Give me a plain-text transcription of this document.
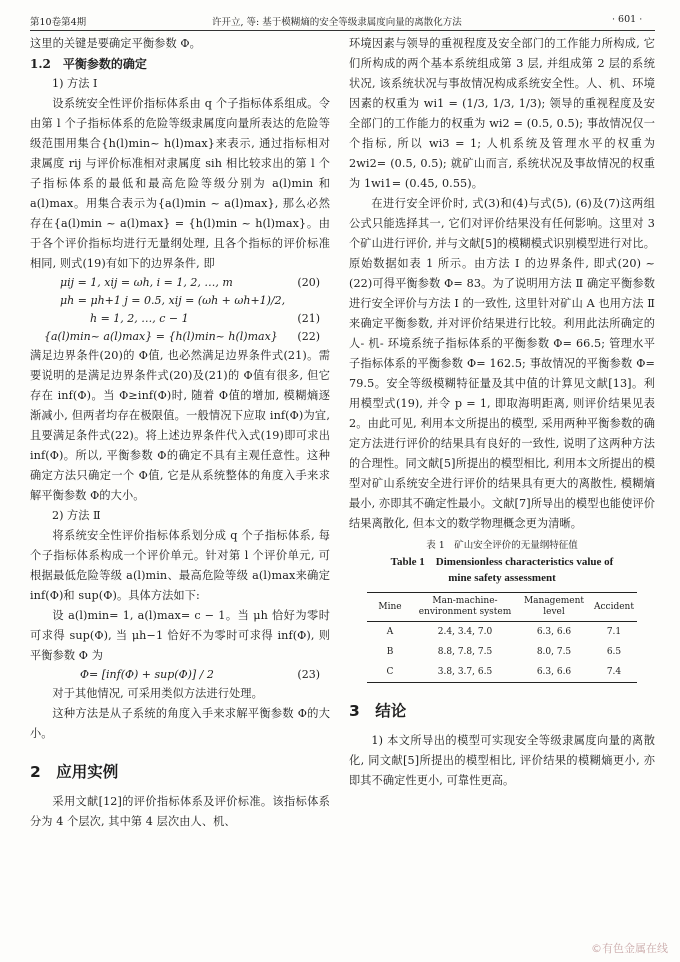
第10卷第4期	许开立, 等: 基于模糊熵的安全等级隶属度向量的离散化方法	· 601 ·

这里的关键是要确定平衡参数 Φ。

1.2　平衡参数的确定

1) 方法 Ⅰ

设系统安全性评价指标体系由 q 个子指标体系组成。令由第 l 个子指标体系的危险等级隶属度向量所表达的危险等级范围用集合{h(l)min~ h(l)max}来表示, 通过指标相对隶属度 rij 与评价标准相对隶属度 sih 相比较求出的第 l 个子指标体系的最低和最高危险等级分别为 a(l)min 和 a(l)max。用集合表示为{a(l)min ~ a(l)max}, 那么必然存在{a(l)min ~ a(l)max} = {h(l)min ~ h(l)max}。由于各个评价指标均进行无量纲处理, 且各个指标的评价标准相同, 则式(19)有如下的边界条件, 即

μij = 1, xij = ωh, i = 1, 2, …, m	(20)
μh = μh+1 j = 0.5, xij = (ωh + ωh+1)/2,
h = 1, 2, …, c − 1	(21)
{a(l)min~ a(l)max} = {h(l)min~ h(l)max} (22)

满足边界条件(20)的 Φ值, 也必然满足边界条件式(21)。需要说明的是满足边界条件式(20)及(21)的 Φ值有很多, 但它存在 inf(Φ)。当 Φ≥inf(Φ)时, 随着 Φ值的增加, 模糊熵逐渐减小, 但两者均存在极限值。一般情况下应取 inf(Φ)为宜, 且要满足条件式(22)。将上述边界条件代入式(19)即可求出 inf(Φ)。所以, 平衡参数 Φ的确定不具有主观任意性。这种确定方法只确定一个 Φ值, 它是从系统整体的角度入手来求解平衡参数 Φ的大小。

2) 方法 Ⅱ

将系统安全性评价指标体系划分成 q 个子指标体系, 每个子指标体系构成一个评价单元。针对第 l 个评价单元, 可根据最低危险等级 a(l)min、最高危险等级 a(l)max来确定 inf(Φ)和 sup(Φ)。具体方法如下:

设 a(l)min= 1, a(l)max= c − 1。当 μh 恰好为零时可求得 sup(Φ), 当 μh−1 恰好不为零时可求得 inf(Φ), 则平衡参数 Φ 为

Φ= [inf(Φ) + sup(Φ)] / 2	(23)

对于其他情况, 可采用类似方法进行处理。

这种方法是从子系统的角度入手来求解平衡参数 Φ的大小。

2　应用实例

采用文献[12]的评价指标体系及评价标准。该指标体系分为 4 个层次, 其中第 4 层次由人、机、

环境因素与领导的重视程度及安全部门的工作能力所构成, 它们所构成的两个基本系统组成第 3 层, 并组成第 2 层的系统状况, 该系统状况与事故情况构成系统安全性。人、机、环境因素的权重为 wi1 = (1/3, 1/3, 1/3); 领导的重视程度及安全部门的工作能力的权重为 wi2 = (0.5, 0.5); 事故情况仅一个指标, 所以 wi3 = 1; 人机系统及管理水平的权重为 2wi2= (0.5, 0.5); 就矿山而言, 系统状况及事故情况的权重为 1wi1= (0.45, 0.55)。

在进行安全评价时, 式(3)和(4)与式(5), (6)及(7)这两组公式只能选择其一, 它们对评价结果没有任何影响。这里对 3 个矿山进行评价, 并与文献[5]的模糊模式识别模型进行对比。原始数据如表 1 所示。由方法 Ⅰ 的边界条件, 即式(20) ~ (22)可得平衡参数 Φ= 83。为了说明用方法 Ⅱ 确定平衡参数进行安全评价与方法 Ⅰ 的一致性, 这里针对矿山 A 也用方法 Ⅱ 来确定平衡参数, 并对评价结果进行比较。利用此法所确定的人- 机- 环境系统子指标体系的平衡参数 Φ= 66.5; 管理水平子指标体系的平衡参数 Φ= 162.5; 事故情况的平衡参数 Φ= 79.5。安全等级模糊特征量及其中值的计算见文献[13]。利用模型式(19), 并令 p = 1, 即取海明距离, 则评价结果见表 2。由此可见, 利用本文所提出的模型, 采用两种平衡参数的确定方法进行评价的结果具有良好的一致性, 说明了这两种方法的合理性。同文献[5]所提出的模型相比, 利用本文所提出的模型对矿山系统安全进行评价的结果具有更大的离散性, 模糊熵最小, 亦即其不确定性最小。文献[7]所导出的模型也能使评价结果离散化, 但本文的数学物理概念更为清晰。

表 1　矿山安全评价的无量纲特征值
Table 1　Dimensionless characteristics value of
mine safety assessment
Mine	Man-machine-environment system	Management level	Accident
A	2.4, 3.4, 7.0	6.3, 6.6	7.1
B	8.8, 7.8, 7.5	8.0, 7.5	6.5
C	3.8, 3.7, 6.5	6.3, 6.6	7.4

3　结论

1) 本文所导出的模型可实现安全等级隶属度向量的离散化, 同文献[5]所提出的模型相比, 评价结果的模糊熵更小, 亦即其不确定性更小, 可靠性更高。

©有色金属在线
